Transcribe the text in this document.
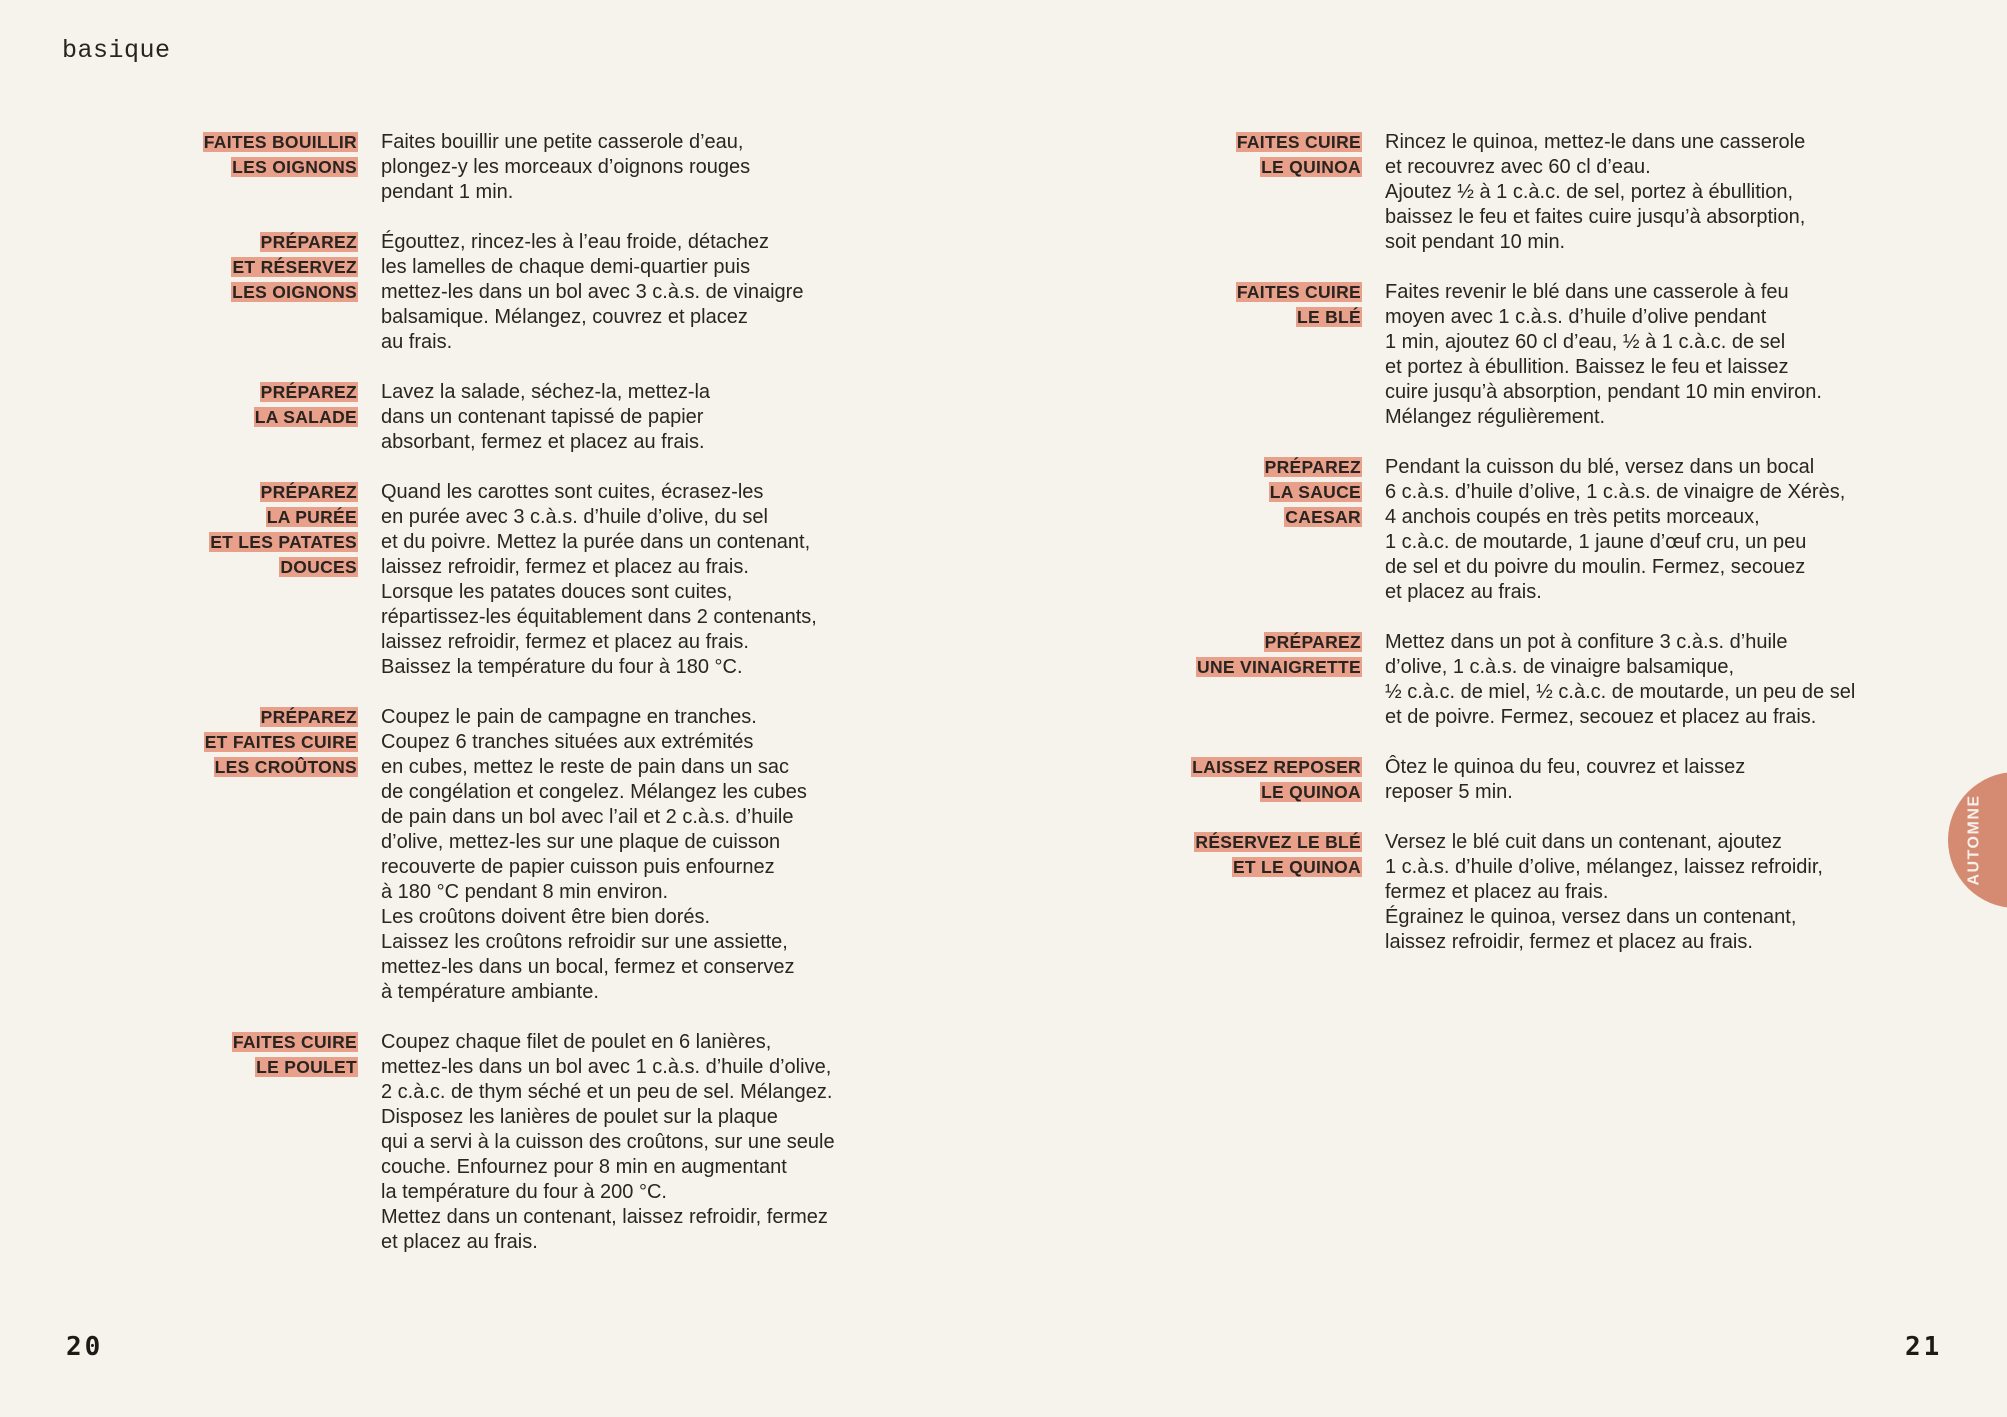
basique
FAITES BOUILLIR
LES OIGNONS
Faites bouillir une petite casserole d’eau,
plongez-y les morceaux d’oignons rouges
pendant 1 min.
PRÉPAREZ
ET RÉSERVEZ
LES OIGNONS
Égouttez, rincez-les à l’eau froide, détachez
les lamelles de chaque demi-quartier puis
mettez-les dans un bol avec 3 c.à.s. de vinaigre
balsamique. Mélangez, couvrez et placez
au frais.
PRÉPAREZ
LA SALADE
Lavez la salade, séchez-la, mettez-la
dans un contenant tapissé de papier
absorbant, fermez et placez au frais.
PRÉPAREZ
LA PURÉE
ET LES PATATES
DOUCES
Quand les carottes sont cuites, écrasez-les
en purée avec 3 c.à.s. d’huile d’olive, du sel
et du poivre. Mettez la purée dans un contenant,
laissez refroidir, fermez et placez au frais.
Lorsque les patates douces sont cuites,
répartissez-les équitablement dans 2 contenants,
laissez refroidir, fermez et placez au frais.
Baissez la température du four à 180 °C.
PRÉPAREZ
ET FAITES CUIRE
LES CROÛTONS
Coupez le pain de campagne en tranches.
Coupez 6 tranches situées aux extrémités
en cubes, mettez le reste de pain dans un sac
de congélation et congelez. Mélangez les cubes
de pain dans un bol avec l’ail et 2 c.à.s. d’huile
d’olive, mettez-les sur une plaque de cuisson
recouverte de papier cuisson puis enfournez
à 180 °C pendant 8 min environ.
Les croûtons doivent être bien dorés.
Laissez les croûtons refroidir sur une assiette,
mettez-les dans un bocal, fermez et conservez
à température ambiante.
FAITES CUIRE
LE POULET
Coupez chaque filet de poulet en 6 lanières,
mettez-les dans un bol avec 1 c.à.s. d’huile d’olive,
2 c.à.c. de thym séché et un peu de sel. Mélangez.
Disposez les lanières de poulet sur la plaque
qui a servi à la cuisson des croûtons, sur une seule
couche. Enfournez pour 8 min en augmentant
la température du four à 200 °C.
Mettez dans un contenant, laissez refroidir, fermez
et placez au frais.
FAITES CUIRE
LE QUINOA
Rincez le quinoa, mettez-le dans une casserole
et recouvrez avec 60 cl d’eau.
Ajoutez ½ à 1 c.à.c. de sel, portez à ébullition,
baissez le feu et faites cuire jusqu’à absorption,
soit pendant 10 min.
FAITES CUIRE
LE BLÉ
Faites revenir le blé dans une casserole à feu
moyen avec 1 c.à.s. d’huile d’olive pendant
1 min, ajoutez 60 cl d’eau, ½ à 1 c.à.c. de sel
et portez à ébullition. Baissez le feu et laissez
cuire jusqu’à absorption, pendant 10 min environ.
Mélangez régulièrement.
PRÉPAREZ
LA SAUCE
CAESAR
Pendant la cuisson du blé, versez dans un bocal
6 c.à.s. d’huile d’olive, 1 c.à.s. de vinaigre de Xérès,
4 anchois coupés en très petits morceaux,
1 c.à.c. de moutarde, 1 jaune d’œuf cru, un peu
de sel et du poivre du moulin. Fermez, secouez
et placez au frais.
PRÉPAREZ
UNE VINAIGRETTE
Mettez dans un pot à confiture 3 c.à.s. d’huile
d’olive, 1 c.à.s. de vinaigre balsamique,
½ c.à.c. de miel, ½ c.à.c. de moutarde, un peu de sel
et de poivre. Fermez, secouez et placez au frais.
LAISSEZ REPOSER
LE QUINOA
Ôtez le quinoa du feu, couvrez et laissez
reposer 5 min.
RÉSERVEZ LE BLÉ
ET LE QUINOA
Versez le blé cuit dans un contenant, ajoutez
1 c.à.s. d’huile d’olive, mélangez, laissez refroidir,
fermez et placez au frais.
Égrainez le quinoa, versez dans un contenant,
laissez refroidir, fermez et placez au frais.
20	21
AUTOMNE
